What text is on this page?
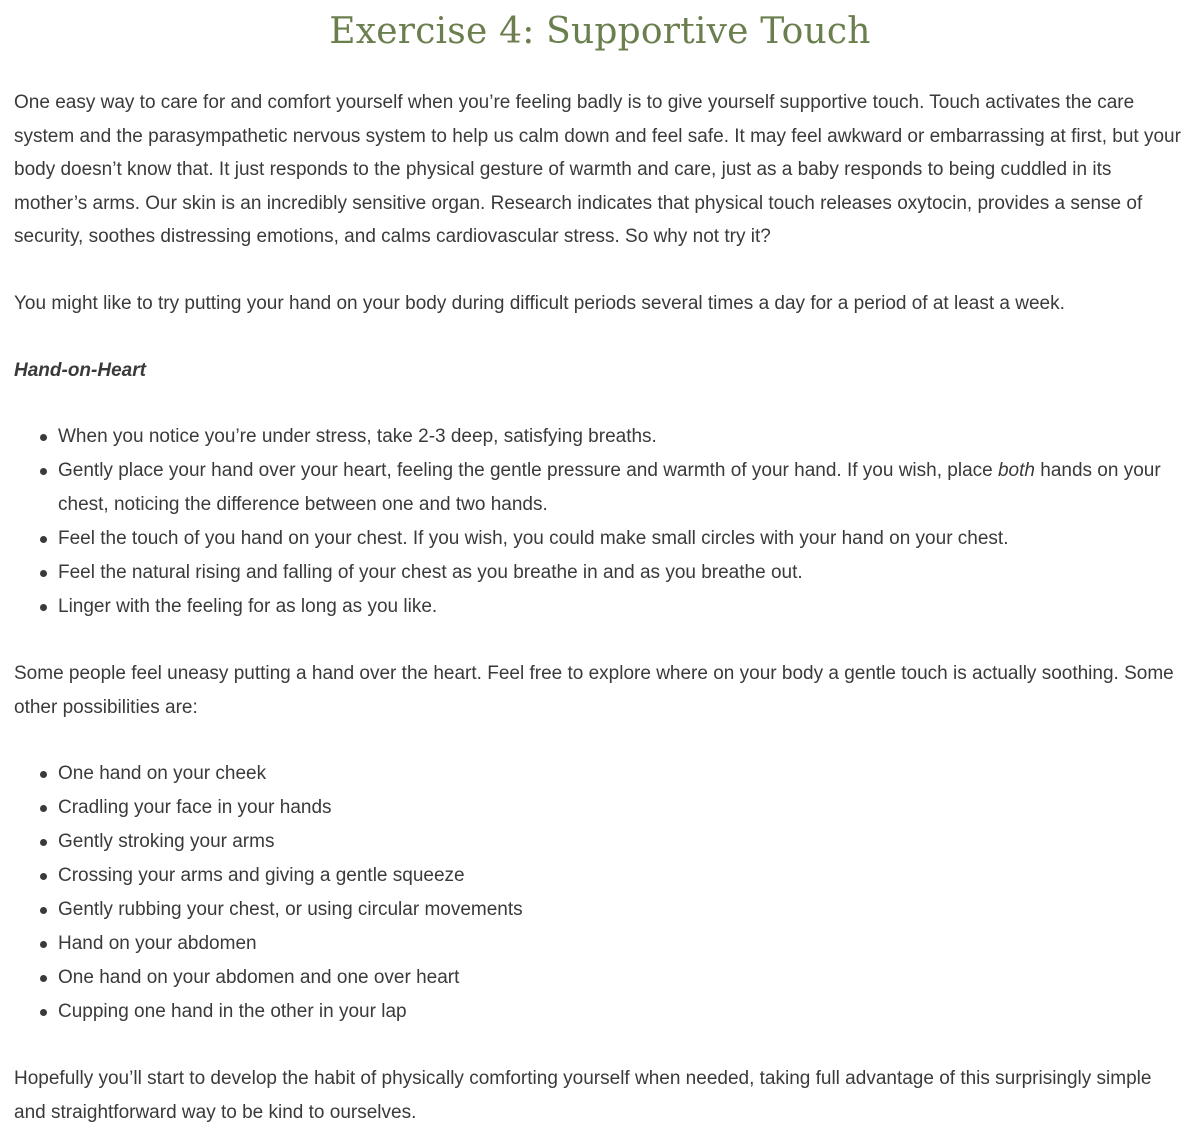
Exercise 4: Supportive Touch

One easy way to care for and comfort yourself when you’re feeling badly is to give yourself supportive touch. Touch activates the care system and the parasympathetic nervous system to help us calm down and feel safe. It may feel awkward or embarrassing at first, but your body doesn’t know that. It just responds to the physical gesture of warmth and care, just as a baby responds to being cuddled in its mother’s arms. Our skin is an incredibly sensitive organ. Research indicates that physical touch releases oxytocin, provides a sense of security, soothes distressing emotions, and calms cardiovascular stress. So why not try it?

You might like to try putting your hand on your body during difficult periods several times a day for a period of at least a week.

Hand-on-Heart

When you notice you’re under stress, take 2-3 deep, satisfying breaths.
Gently place your hand over your heart, feeling the gentle pressure and warmth of your hand. If you wish, place both hands on your chest, noticing the difference between one and two hands.
Feel the touch of you hand on your chest. If you wish, you could make small circles with your hand on your chest.
Feel the natural rising and falling of your chest as you breathe in and as you breathe out.
Linger with the feeling for as long as you like.

Some people feel uneasy putting a hand over the heart. Feel free to explore where on your body a gentle touch is actually soothing. Some other possibilities are:

One hand on your cheek
Cradling your face in your hands
Gently stroking your arms
Crossing your arms and giving a gentle squeeze
Gently rubbing your chest, or using circular movements
Hand on your abdomen
One hand on your abdomen and one over heart
Cupping one hand in the other in your lap

Hopefully you’ll start to develop the habit of physically comforting yourself when needed, taking full advantage of this surprisingly simple and straightforward way to be kind to ourselves.
